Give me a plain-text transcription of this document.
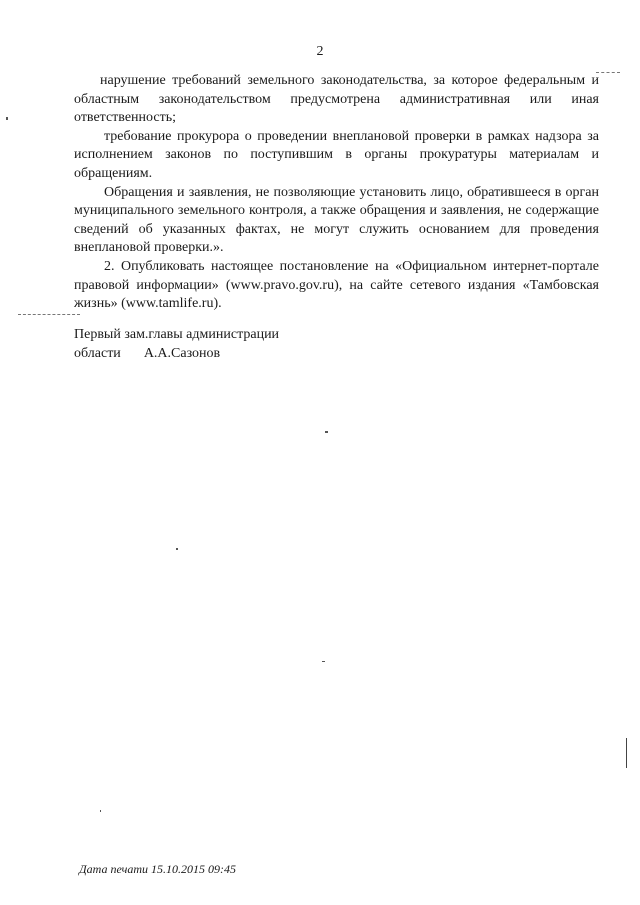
2

нарушение требований земельного законодательства, за которое федеральным и областным законодательством предусмотрена административная или иная ответственность;

требование прокурора о проведении внеплановой проверки в рамках надзора за исполнением законов по поступившим в органы прокуратуры материалам и обращениям.

Обращения и заявления, не позволяющие установить лицо, обратившееся в орган муниципального земельного контроля, а также обращения и заявления, не содержащие сведений об указанных фактах, не могут служить основанием для проведения внеплановой проверки.».

2. Опубликовать настоящее постановление на «Официальном интернет-портале правовой информации» (www.pravo.gov.ru), на сайте сетевого издания «Тамбовская жизнь» (www.tamlife.ru).

Первый зам.главы администрации
области А.А.Сазонов
Дата печати 15.10.2015 09:45
